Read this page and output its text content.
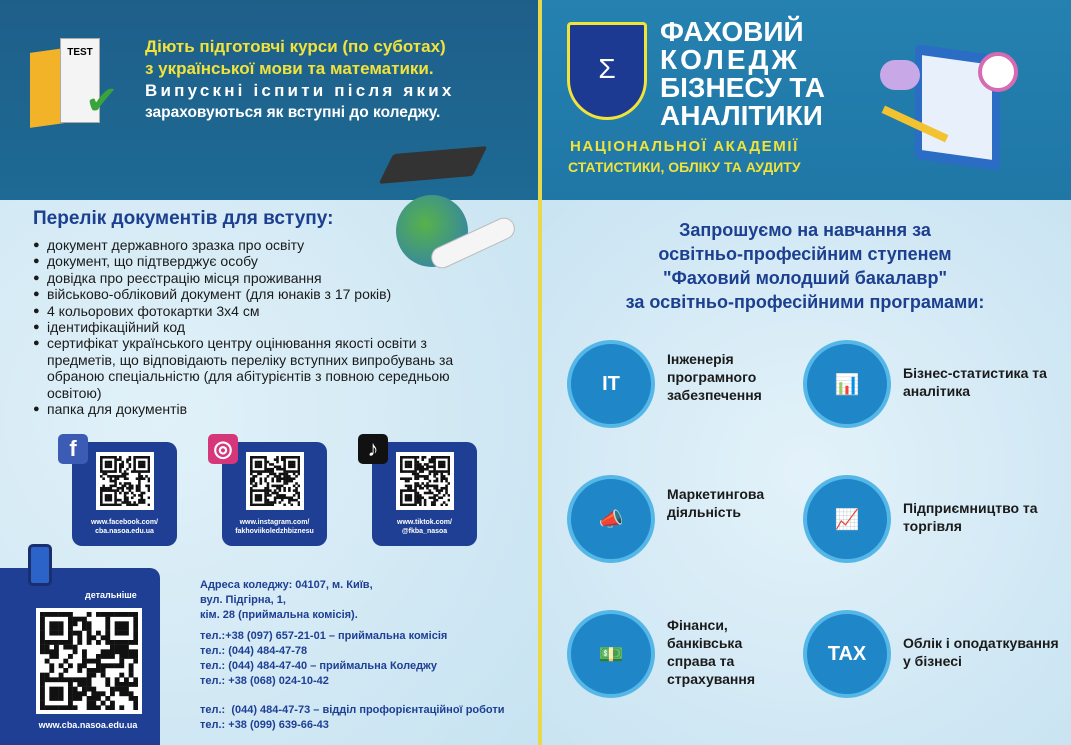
TEST
✔
Діють підготовчі курси (по суботах)
з української мови та математики.
Випускні іспити після яких
зараховуються як вступні до коледжу.
Σ
ФАХОВИЙ
КОЛЕДЖ
БІЗНЕСУ ТА
АНАЛІТИКИ
НАЦІОНАЛЬНОЇ АКАДЕМІЇ
СТАТИСТИКИ, ОБЛІКУ ТА АУДИТУ
Перелік документів для вступу:
● документ державного зразка про освіту
● документ, що підтверджує особу
● довідка про реєстрацію місця проживання
● військово-обліковий документ (для юнаків з 17 років)
● 4 кольорових фотокартки 3х4 см
● ідентифікаційний код
● сертифікат українського центру оцінювання якості освіти з предметів, що відповідають переліку вступних випробувань за обраною спеціальністю (для абітурієнтів з повною середньою освітою)
● папка для документів
www.facebook.com/
cba.nasoa.edu.ua
f
www.instagram.com/
fakhoviikoledzhbiznesu
◎
www.tiktok.com/
@fkba_nasoa
♪
детальніше
www.cba.nasoa.edu.ua
Адреса коледжу: 04107, м. Київ,
вул. Підгірна, 1,
кім. 28 (приймальна комісія).
тел.:+38 (097) 657-21-01 – приймальна комісія
тел.: (044) 484-47-78
тел.: (044) 484-47-40 – приймальна Коледжу
тел.: +38 (068) 024-10-42
тел.:  (044) 484-47-73 – відділ профорієнтаційної роботи
тел.: +38 (099) 639-66-43
Запрошуємо на навчання за
освітньо-професійним ступенем
"Фаховий молодший бакалавр"
за освітньо-професійними програмами:
IT
Інженерія програмного забезпечення	📊
Бізнес-статистика та аналітика
📣
Маркетингова діяльність	📈
Підприємництво та торгівля
💵
Фінанси, банківська справа та страхування
TAX	Облік і оподаткування у бізнесі
